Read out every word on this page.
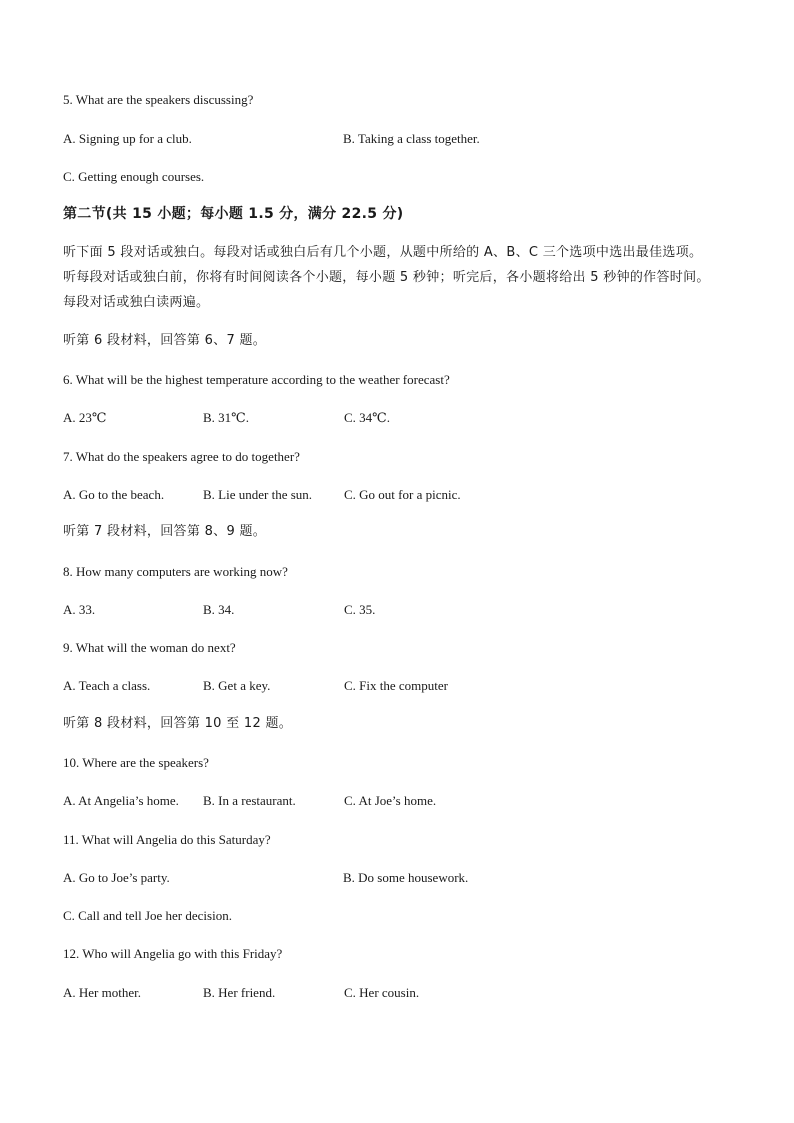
5. What are the speakers discussing?

A. Signing up for a club.	B. Taking a class together.

C. Getting enough courses.

第二节(共 15 小题；每小题 1.5 分，满分 22.5 分)

听下面 5 段对话或独白。每段对话或独白后有几个小题，从题中所给的 A、B、C 三个选项中选出最佳选项。

听每段对话或独白前，你将有时间阅读各个小题，每小题 5 秒钟；听完后，各小题将给出 5 秒钟的作答时间。

每段对话或独白读两遍。

听第 6 段材料，回答第 6、7 题。

6. What will be the highest temperature according to the weather forecast?

A. 23℃	B. 31℃.	C. 34℃.

7. What do the speakers agree to do together?

A. Go to the beach.	B. Lie under the sun. C. Go out for a picnic.

听第 7 段材料，回答第 8、9 题。

8. How many computers are working now?

A. 33.	B. 34.	C. 35.

9. What will the woman do next?

A. Teach a class.	B. Get a key.	C. Fix the computer

听第 8 段材料，回答第 10 至 12 题。

10. Where are the speakers?

A. At Angelia’s home. B. In a restaurant.	C. At Joe’s home.

11. What will Angelia do this Saturday?

A. Go to Joe’s party.	B. Do some housework.

C. Call and tell Joe her decision.

12. Who will Angelia go with this Friday?

A. Her mother.	B. Her friend.	C. Her cousin.
